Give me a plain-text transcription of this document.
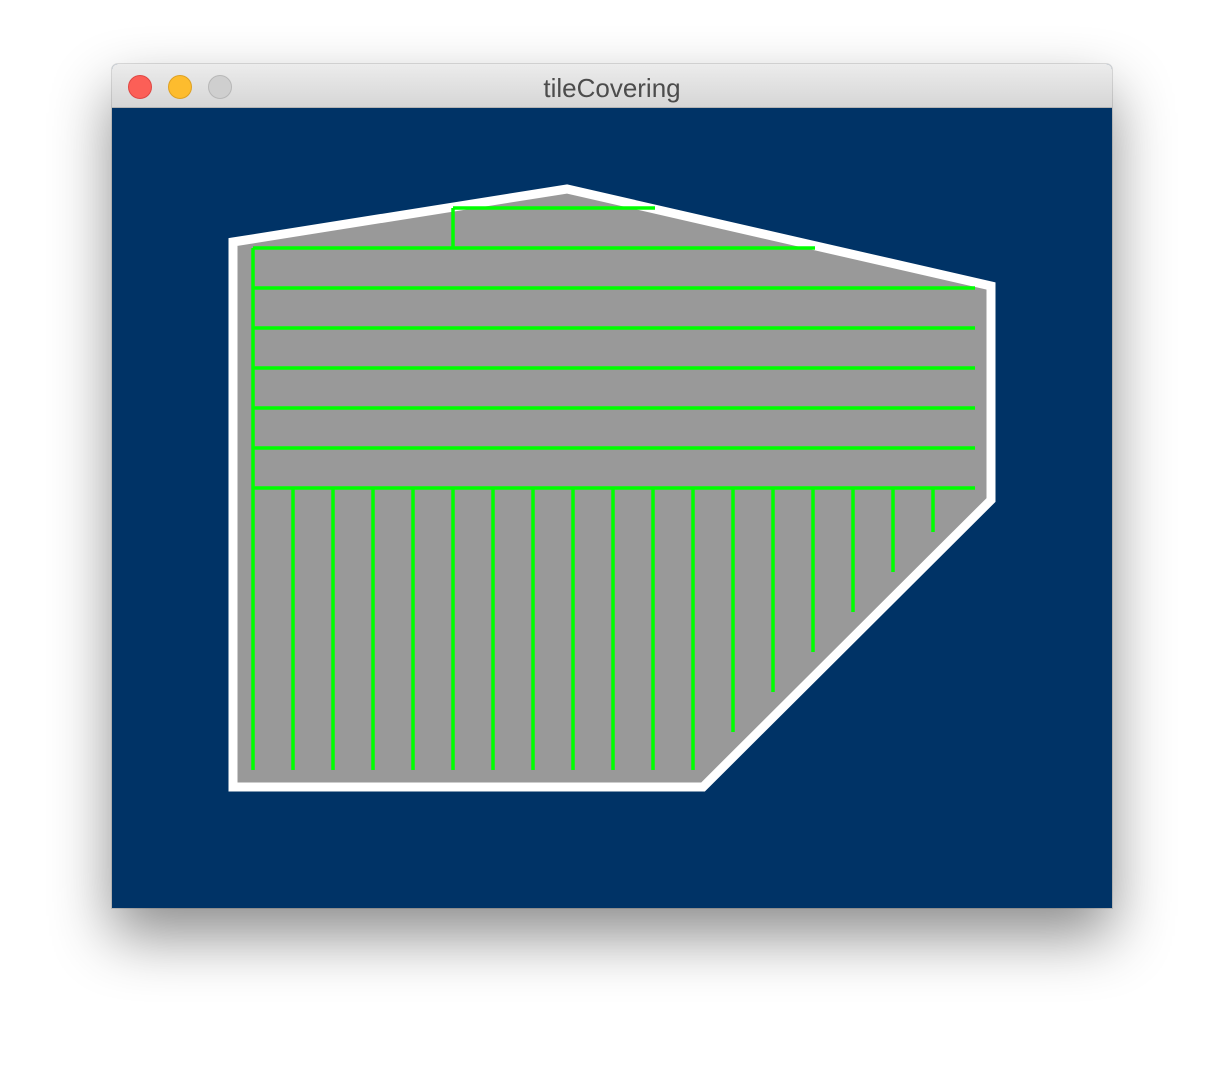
tileCovering
